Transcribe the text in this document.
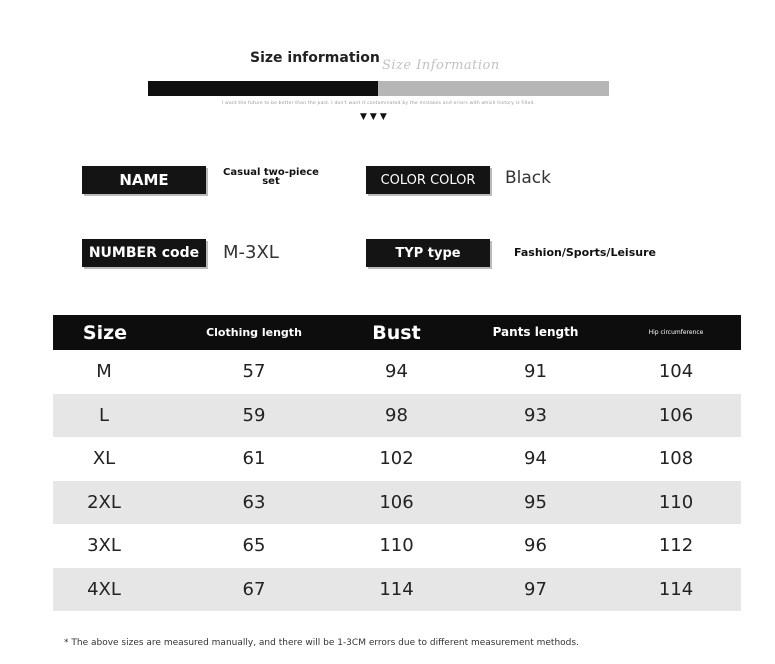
Size information Size Information
I want the future to be better than the past. I don't want it contaminated by the mistakes and errors with which history is filled.
▼▼▼
NAME	Casual two-piece set	COLOR COLOR	Black
NUMBER code	M-3XL	TYP type	Fashion/Sports/Leisure
Size	Clothing length	Bust	Pants length	Hip circumference
M	57	94	91	104
L	59	98	93	106
XL	61	102	94	108
2XL	63	106	95	110
3XL	65	110	96	112
4XL	67	114	97	114
* The above sizes are measured manually, and there will be 1-3CM errors due to different measurement methods.
